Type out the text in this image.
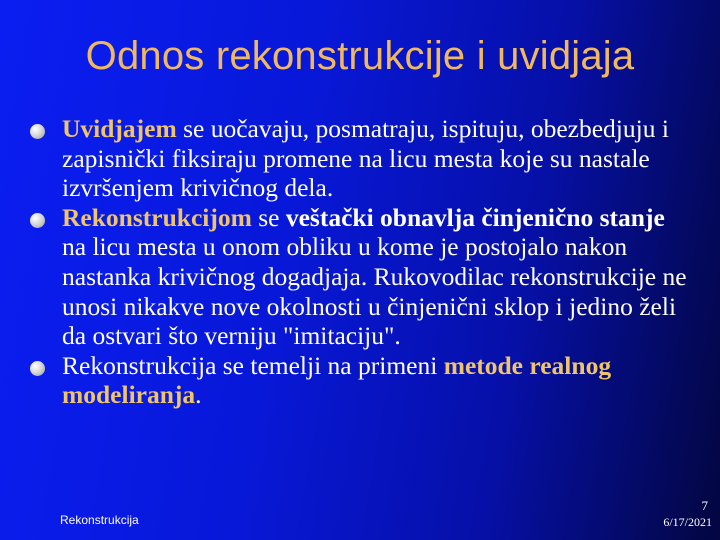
Odnos rekonstrukcije i uvidjaja
Uvidjajem se uočavaju, posmatraju, ispituju, obezbedjuju i zapisnički fiksiraju promene na licu mesta koje su nastale izvršenjem krivičnog dela.
Rekonstrukcijom se veštački obnavlja činjenično stanje na licu mesta u onom obliku u kome je postojalo nakon nastanka krivičnog dogadjaja. Rukovodilac rekonstrukcije ne unosi nikakve nove okolnosti u činjenični sklop i jedino želi da ostvari što verniju "imitaciju".
Rekonstrukcija se temelji na primeni metode realnog modeliranja.
Rekonstrukcija
7
6/17/2021
